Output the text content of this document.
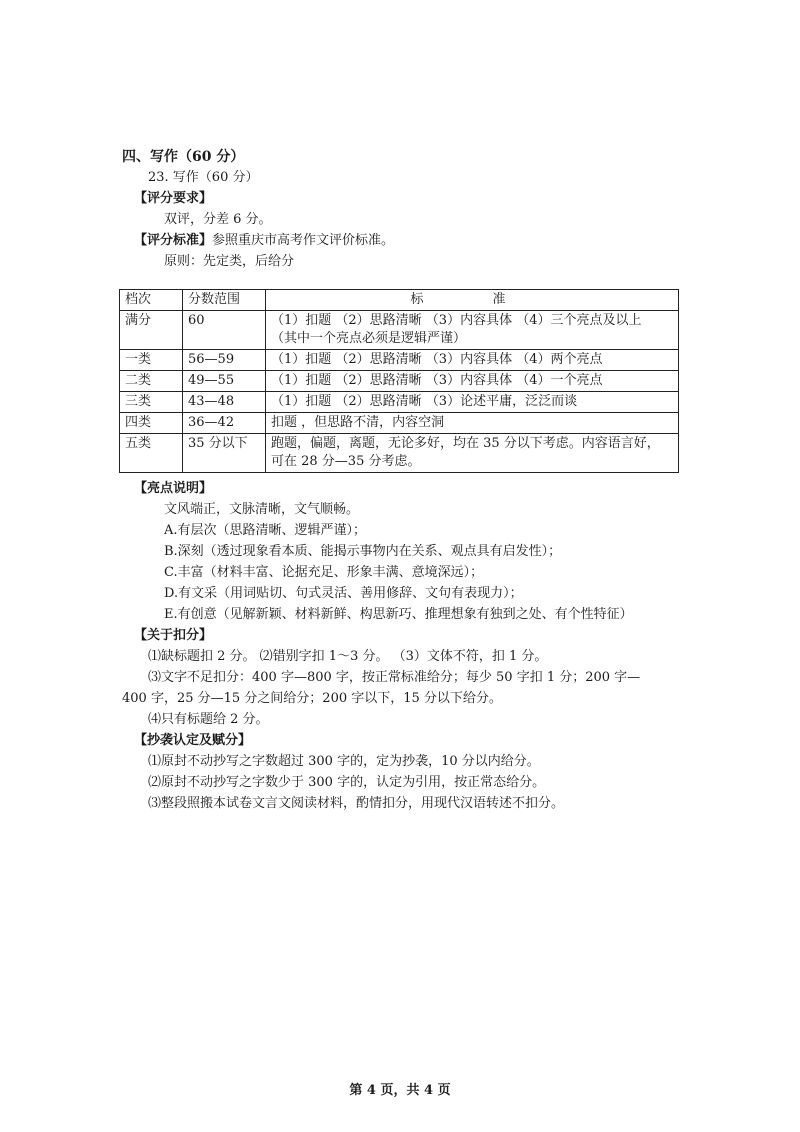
四、写作（60 分）
23. 写作（60 分）
【评分要求】
双评，分差 6 分。
【评分标准】参照重庆市高考作文评价标准。
原则：先定类，后给分
档次	分数范围	标　准
满分	60	（1）扣题 （2）思路清晰 （3）内容具体 （4）三个亮点及以上
（其中一个亮点必须是逻辑严谨）

一类	56—59	（1）扣题 （2）思路清晰 （3）内容具体 （4）两个亮点
二类	49—55	（1）扣题 （2）思路清晰 （3）内容具体 （4）一个亮点
三类	43—48	（1）扣题 （2）思路清晰 （3）论述平庸，泛泛而谈
四类	36—42	扣题 ，但思路不清，内容空洞
五类	35 分以下	跑题，偏题，离题，无论多好，均在 35 分以下考虑。内容语言好，
可在 28 分—35 分考虑。
【亮点说明】
文风端正，文脉清晰，文气顺畅。
A.有层次（思路清晰、逻辑严谨）；
B.深刻（透过现象看本质、能揭示事物内在关系、观点具有启发性）；
C.丰富（材料丰富、论据充足、形象丰满、意境深远）；
D.有文采（用词贴切、句式灵活、善用修辞、文句有表现力）；
E.有创意（见解新颖、材料新鲜、构思新巧、推理想象有独到之处、有个性特征）
【关于扣分】
⑴缺标题扣 2 分。 ⑵错别字扣 1～3 分。 （3）文体不符，扣 1 分。
⑶文字不足扣分：400 字—800 字，按正常标准给分；每少 50 字扣 1 分；200 字—
400 字，25 分—15 分之间给分；200 字以下，15 分以下给分。
⑷只有标题给 2 分。
【抄袭认定及赋分】
⑴原封不动抄写之字数超过 300 字的，定为抄袭，10 分以内给分。
⑵原封不动抄写之字数少于 300 字的，认定为引用，按正常态给分。
⑶整段照搬本试卷文言文阅读材料，酌情扣分，用现代汉语转述不扣分。
第 4 页，共 4 页
